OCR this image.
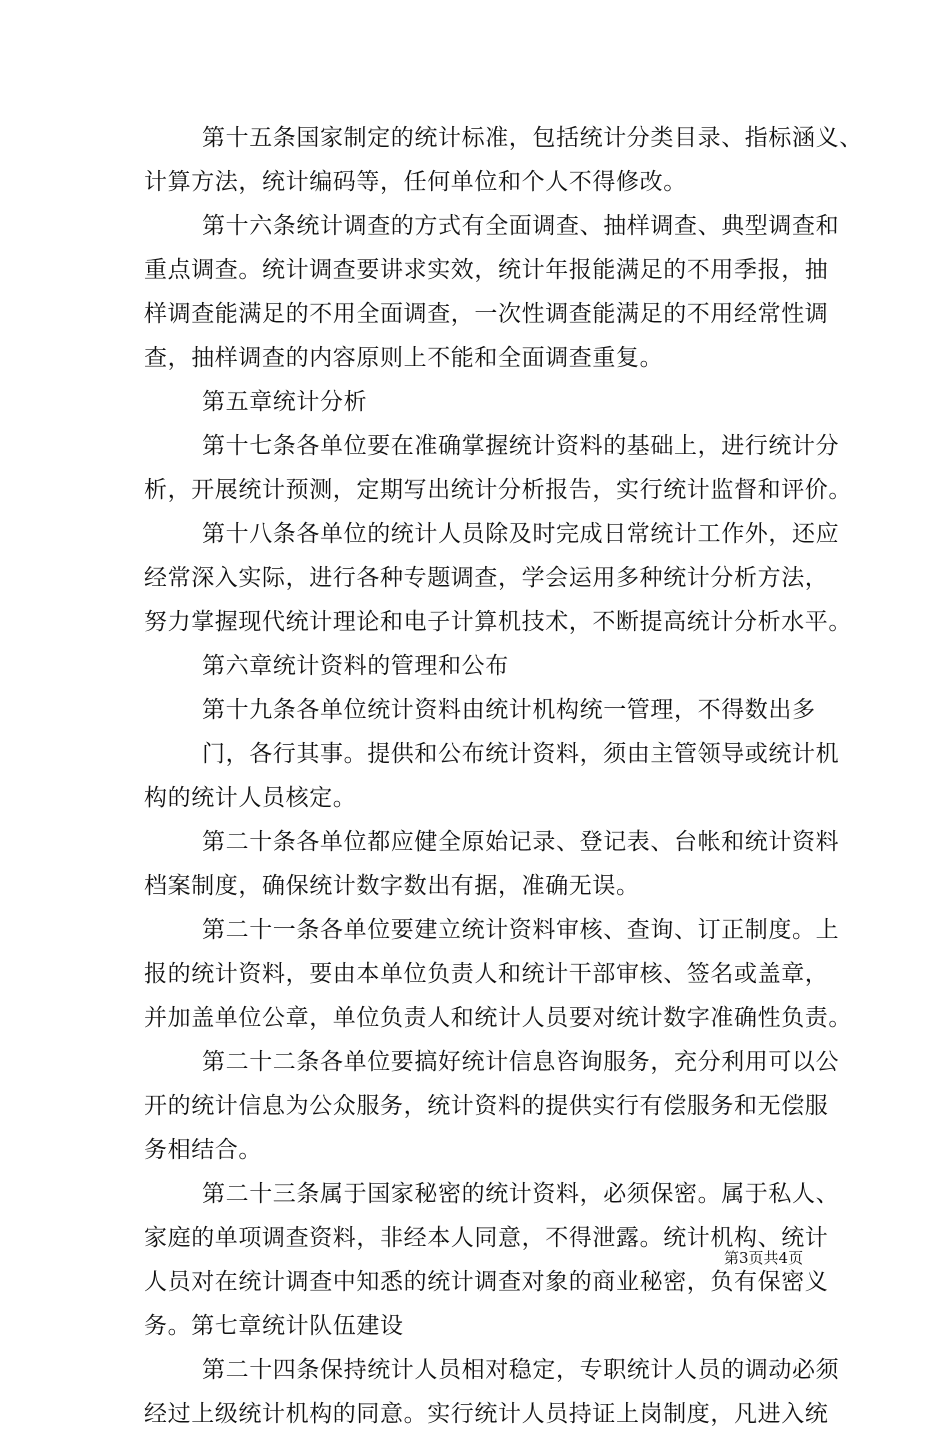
第十五条国家制定的统计标准，包括统计分类目录、指标涵义、
计算方法，统计编码等，任何单位和个人不得修改。
第十六条统计调查的方式有全面调查、抽样调查、典型调查和
重点调查。统计调查要讲求实效，统计年报能满足的不用季报，抽
样调查能满足的不用全面调查，一次性调查能满足的不用经常性调
查，抽样调查的内容原则上不能和全面调查重复。
第五章统计分析
第十七条各单位要在准确掌握统计资料的基础上，进行统计分
析，开展统计预测，定期写出统计分析报告，实行统计监督和评价。
第十八条各单位的统计人员除及时完成日常统计工作外，还应
经常深入实际，进行各种专题调查，学会运用多种统计分析方法，
努力掌握现代统计理论和电子计算机技术，不断提高统计分析水平。
第六章统计资料的管理和公布
第十九条各单位统计资料由统计机构统一管理，不得数出多
门，各行其事。提供和公布统计资料，须由主管领导或统计机
构的统计人员核定。
第二十条各单位都应健全原始记录、登记表、台帐和统计资料
档案制度，确保统计数字数出有据，准确无误。
第二十一条各单位要建立统计资料审核、查询、订正制度。上
报的统计资料，要由本单位负责人和统计干部审核、签名或盖章，
并加盖单位公章，单位负责人和统计人员要对统计数字准确性负责。
第二十二条各单位要搞好统计信息咨询服务，充分利用可以公
开的统计信息为公众服务，统计资料的提供实行有偿服务和无偿服
务相结合。
第二十三条属于国家秘密的统计资料，必须保密。属于私人、
家庭的单项调查资料，非经本人同意，不得泄露。统计机构、统计
人员对在统计调查中知悉的统计调查对象的商业秘密，负有保密义
务。第七章统计队伍建设
第二十四条保持统计人员相对稳定，专职统计人员的调动必须
经过上级统计机构的同意。实行统计人员持证上岗制度，凡进入统
第3页共4页
